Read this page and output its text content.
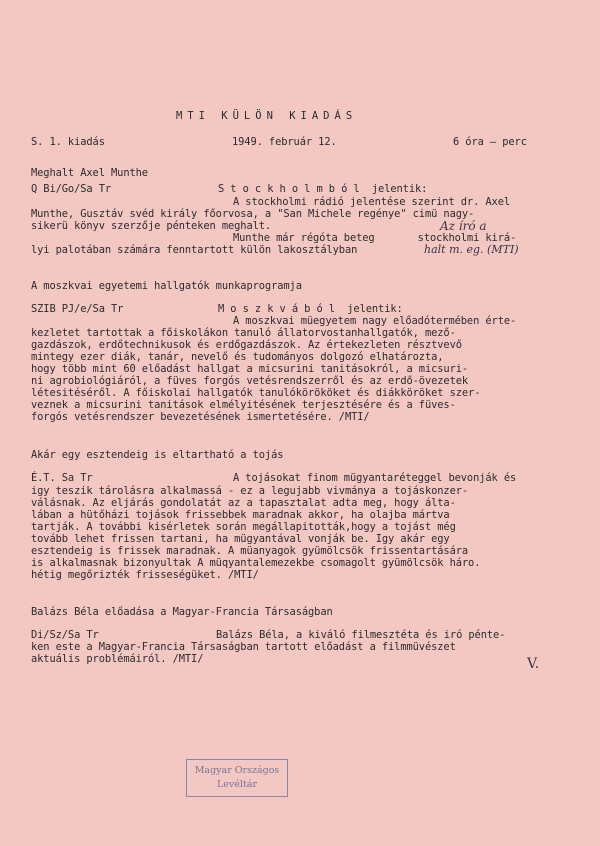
MTI KÜLÖN KIADÁS
S. 1. kiadás	1949. február 12.	6 óra — perc
Meghalt Axel Munthe
Q Bi/Go/Sa Tr	S t o c k h o l m b ó l  jelentik:
A stockholmi rádió jelentése szerint dr. Axel
Munthe, Gusztáv svéd király főorvosa, a "San Michele regénye" cimü nagy-
sikerü könyv szerzője pénteken meghalt.	Az író a
Munthe már régóta beteg       stockholmi kirá-
lyi palotában számára fenntartott külön lakosztályban	halt m. eg. (MTI)
A moszkvai egyetemi hallgatók munkaprogramja
SZIB PJ/e/Sa Tr	M o s z k v á b ó l  jelentik:
A moszkvai müegyetem nagy előadótermében érte-
kezletet tartottak a főiskolákon tanuló állatorvostanhallgatók, mező-
gazdászok, erdőtechnikusok és erdőgazdászok. Az értekezleten résztvevő
mintegy ezer diák, tanár, nevelő és tudományos dolgozó elhatározta,
hogy több mint 60 előadást hallgat a micsurini tanitásokról, a micsuri-
ni agrobiológiáról, a füves forgós vetésrendszerről és az erdő-övezetek
létesitéséről. A főiskolai hallgatók tanulókörököket és diákköröket szer-
veznek a micsurini tanitások elmélyitésének terjesztésére és a füves-
forgós vetésrendszer bevezetésének ismertetésére. /MTI/
Akár egy esztendeig is eltartható a tojás
É.T. Sa Tr	A tojásokat finom mügyantaréteggel bevonják és
igy teszik tárolásra alkalmassá - ez a legujabb vivmánya a tojáskonzer-
válásnak. Az eljárás gondolatát az a tapasztalat adta meg, hogy álta-
lában a hütőházi tojások frissebbek maradnak akkor, ha olajba mártva
tartják. A további kisérletek során megállapitották,hogy a tojást még
tovább lehet frissen tartani, ha mügyantával vonják be. Igy akár egy
esztendeig is frissek maradnak. A müanyagok gyümölcsök frissentartására
is alkalmasnak bizonyultak A müqyantalemezekbe csomagolt gyümölcsök háro.
hétig megőrizték frisseségüket. /MTI/
Balázs Béla előadása a Magyar-Francia Társaságban
Di/Sz/Sa Tr	Balázs Béla, a kiváló filmesztéta és iró pénte-
ken este a Magyar-Francia Társaságban tartott előadást a filmmüvészet
aktuális problémáiról. /MTI/	V.
Magyar Országos
Levéltár
